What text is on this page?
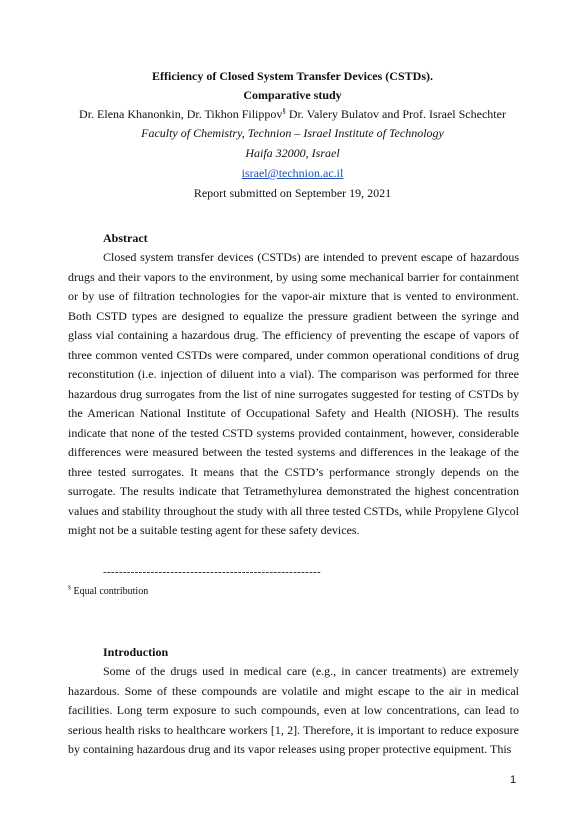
Efficiency of Closed System Transfer Devices (CSTDs).
Comparative study
Dr. Elena Khanonkin, Dr. Tikhon Filippov§ Dr. Valery Bulatov and Prof. Israel Schechter
Faculty of Chemistry, Technion – Israel Institute of Technology
Haifa 32000, Israel
israel@technion.ac.il
Report submitted on September 19, 2021
Abstract

Closed system transfer devices (CSTDs) are intended to prevent escape of hazardous drugs and their vapors to the environment, by using some mechanical barrier for containment or by use of filtration technologies for the vapor-air mixture that is vented to environment. Both CSTD types are designed to equalize the pressure gradient between the syringe and glass vial containing a hazardous drug. The efficiency of preventing the escape of vapors of three common vented CSTDs were compared, under common operational conditions of drug reconstitution (i.e. injection of diluent into a vial). The comparison was performed for three hazardous drug surrogates from the list of nine surrogates suggested for testing of CSTDs by the American National Institute of Occupational Safety and Health (NIOSH). The results indicate that none of the tested CSTD systems provided containment, however, considerable differences were measured between the tested systems and differences in the leakage of the three tested surrogates. It means that the CSTD’s performance strongly depends on the surrogate. The results indicate that Tetramethylurea demonstrated the highest concentration values and stability throughout the study with all three tested CSTDs, while Propylene Glycol might not be a suitable testing agent for these safety devices.

-------------------------------------------------------
§ Equal contribution
Introduction

Some of the drugs used in medical care (e.g., in cancer treatments) are extremely hazardous. Some of these compounds are volatile and might escape to the air in medical facilities. Long term exposure to such compounds, even at low concentrations, can lead to serious health risks to healthcare workers [1, 2]. Therefore, it is important to reduce exposure by containing hazardous drug and its vapor releases using proper protective equipment. This

1
